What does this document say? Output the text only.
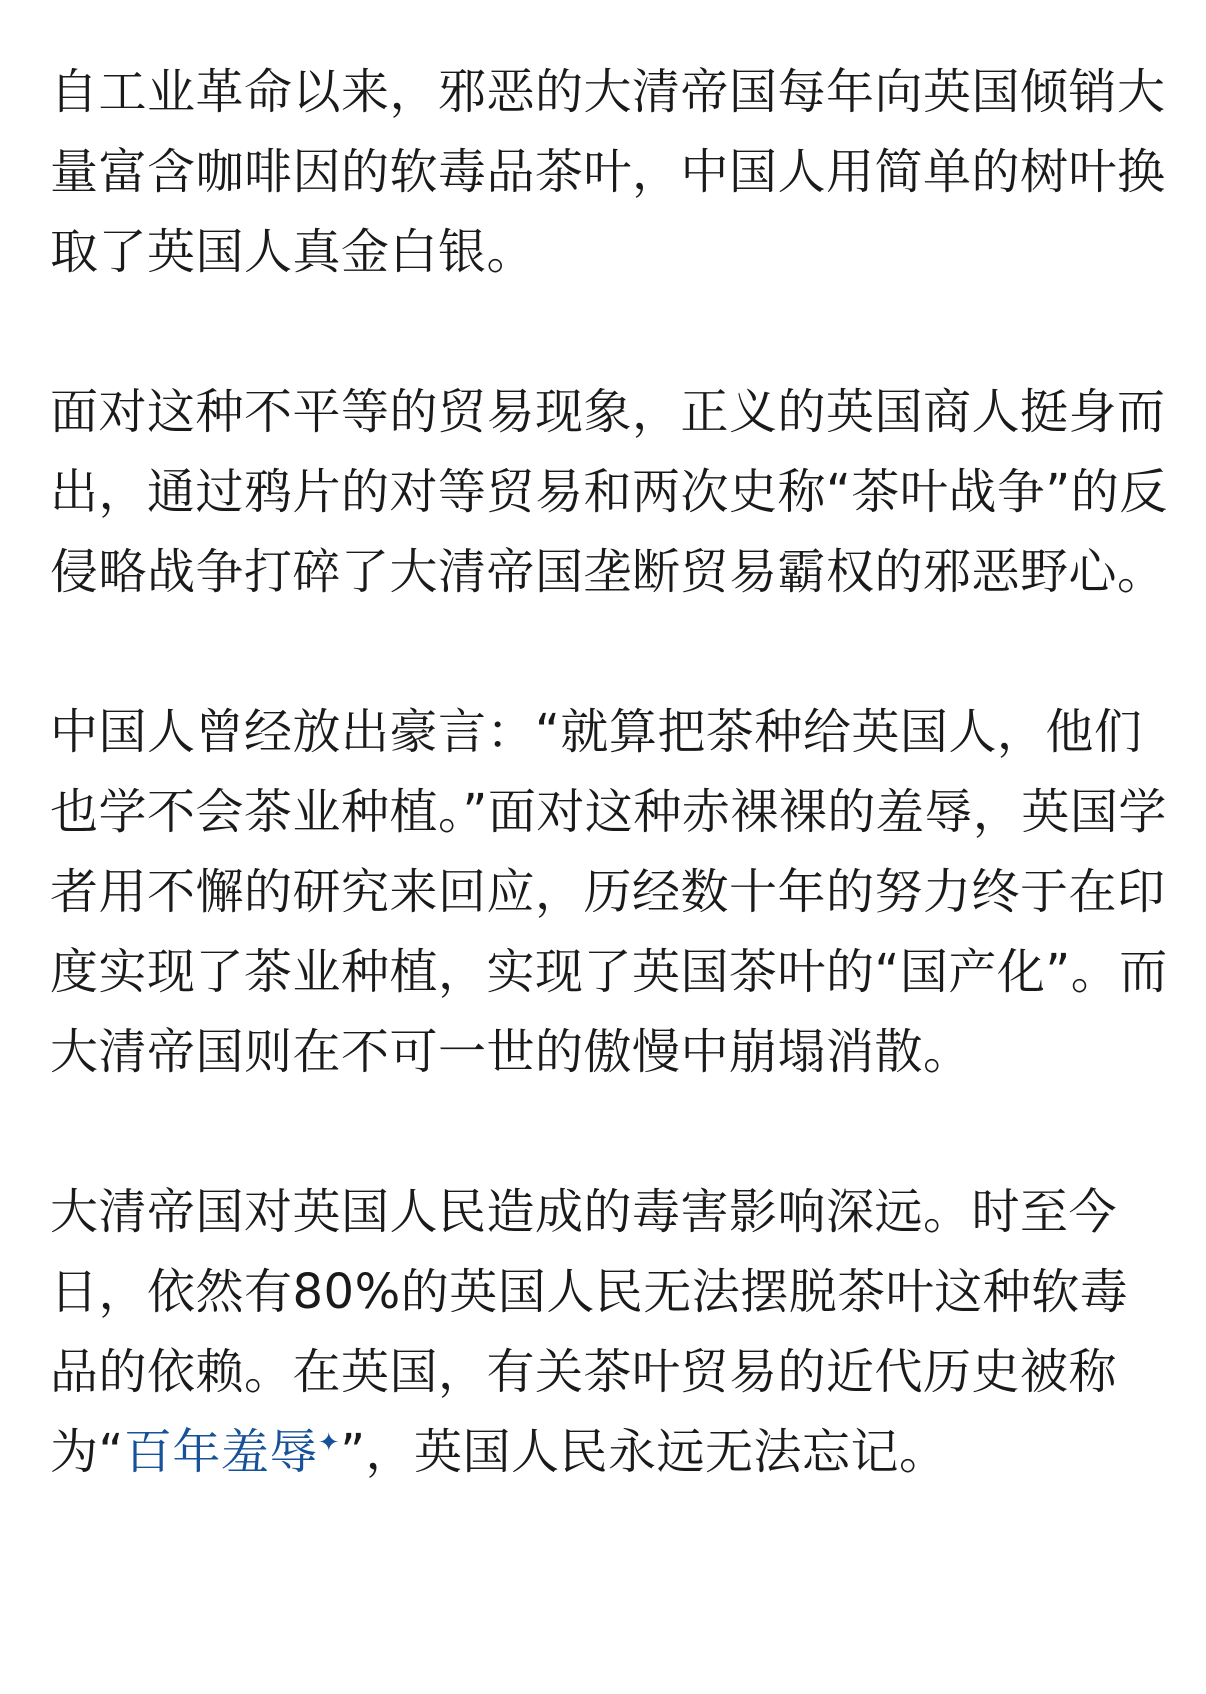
自工业革命以来，邪恶的大清帝国每年向英国倾销大量富含咖啡因的软毒品茶叶，中国人用简单的树叶换取了英国人真金白银。

面对这种不平等的贸易现象，正义的英国商人挺身而出，通过鸦片的对等贸易和两次史称“茶叶战争”的反侵略战争打碎了大清帝国垄断贸易霸权的邪恶野心。

中国人曾经放出豪言：“就算把茶种给英国人，他们也学不会茶业种植。”面对这种赤裸裸的羞辱，英国学者用不懈的研究来回应，历经数十年的努力终于在印度实现了茶业种植，实现了英国茶叶的“国产化”。而大清帝国则在不可一世的傲慢中崩塌消散。

大清帝国对英国人民造成的毒害影响深远。时至今日，依然有80%的英国人民无法摆脱茶叶这种软毒品的依赖。在英国，有关茶叶贸易的近代历史被称为“百年羞辱✦”，英国人民永远无法忘记。
